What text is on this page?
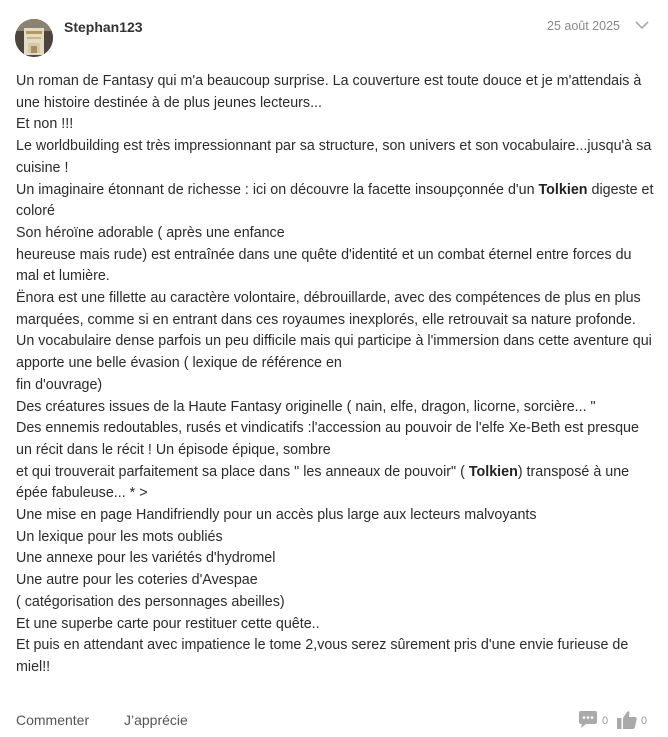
Stephan123	25 août 2025

Un roman de Fantasy qui m'a beaucoup surprise. La couverture est toute douce et je m'attendais à une histoire destinée à de plus jeunes lecteurs...

Et non !!!

Le worldbuilding est très impressionnant par sa structure, son univers et son vocabulaire...jusqu'à sa cuisine !

Un imaginaire étonnant de richesse : ici on découvre la facette insoupçonnée d'un Tolkien digeste et coloré

Son héroïne adorable ( après une enfance

heureuse mais rude) est entraînée dans une quête d'identité et un combat éternel entre forces du mal et lumière.

Ënora est une fillette au caractère volontaire, débrouillarde, avec des compétences de plus en plus marquées, comme si en entrant dans ces royaumes inexplorés, elle retrouvait sa nature profonde.

Un vocabulaire dense parfois un peu difficile mais qui participe à l'immersion dans cette aventure qui apporte une belle évasion ( lexique de référence en

fin d'ouvrage)

Des créatures issues de la Haute Fantasy originelle ( nain, elfe, dragon, licorne, sorcière... "

Des ennemis redoutables, rusés et vindicatifs :l'accession au pouvoir de l'elfe Xe-Beth est presque un récit dans le récit ! Un épisode épique, sombre

et qui trouverait parfaitement sa place dans " les anneaux de pouvoir" ( Tolkien) transposé à une épée fabuleuse... * >

Une mise en page Handifriendly pour un accès plus large aux lecteurs malvoyants

Un lexique pour les mots oubliés

Une annexe pour les variétés d'hydromel

Une autre pour les coteries d'Avespae

( catégorisation des personnages abeilles)

Et une superbe carte pour restituer cette quête..

Et puis en attendant avec impatience le tome 2,vous serez sûrement pris d'une envie furieuse de miel!!

Commenter J’apprécie	0	0
